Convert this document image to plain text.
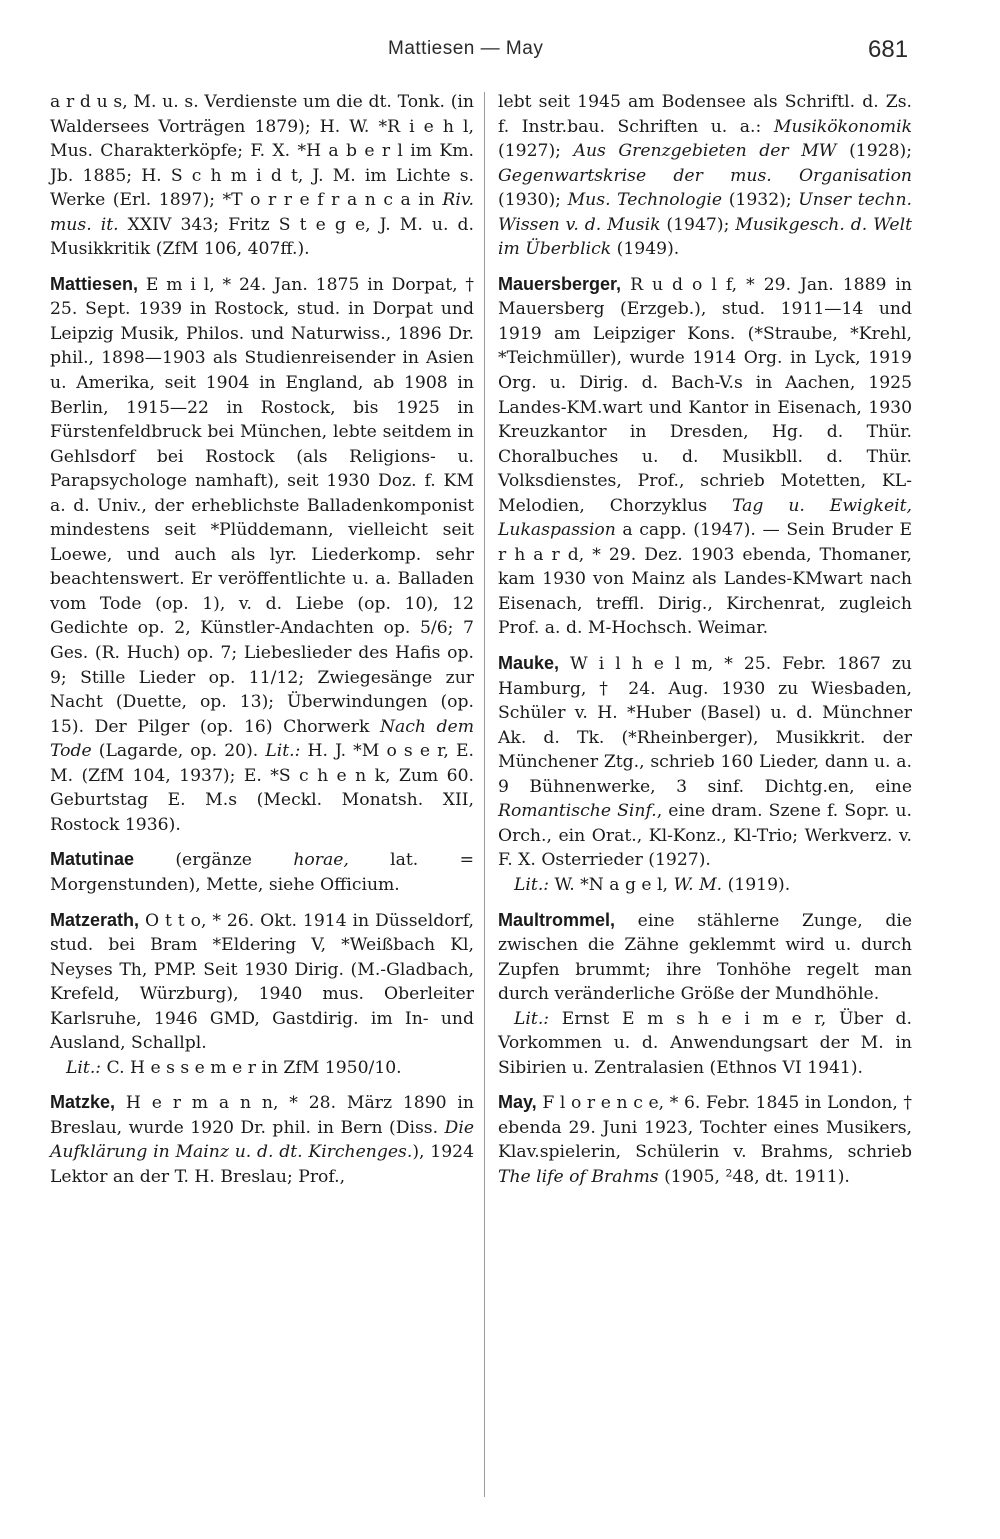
Mattiesen — May	681

a r d u s, M. u. s. Verdienste um die dt. Tonk. (in Waldersees Vorträgen 1879); H. W. *R i e h l, Mus. Charakterköpfe; F. X. *H a b e r l im Km. Jb. 1885; H. S c h m i d t, J. M. im Lichte s. Werke (Erl. 1897); *T o r r e f r a n c a in Riv. mus. it. XXIV 343; Fritz S t e g e, J. M. u. d. Musikkritik (ZfM 106, 407ff.).

Mattiesen, E m i l, * 24. Jan. 1875 in Dorpat, † 25. Sept. 1939 in Rostock, stud. in Dorpat und Leipzig Musik, Philos. und Naturwiss., 1896 Dr. phil., 1898—1903 als Studienreisender in Asien u. Amerika, seit 1904 in England, ab 1908 in Berlin, 1915—22 in Rostock, bis 1925 in Fürstenfeldbruck bei München, lebte seitdem in Gehlsdorf bei Rostock (als Religions- u. Parapsychologe namhaft), seit 1930 Doz. f. KM a. d. Univ., der erheblichste Balladenkomponist mindestens seit *Plüddemann, vielleicht seit Loewe, und auch als lyr. Liederkomp. sehr beachtenswert. Er veröffentlichte u. a. Balladen vom Tode (op. 1), v. d. Liebe (op. 10), 12 Gedichte op. 2, Künstler-Andachten op. 5/6; 7 Ges. (R. Huch) op. 7; Liebeslieder des Hafis op. 9; Stille Lieder op. 11/12; Zwiegesänge zur Nacht (Duette, op. 13); Überwindungen (op. 15). Der Pilger (op. 16) Chorwerk Nach dem Tode (Lagarde, op. 20). Lit.: H. J. *M o s e r, E. M. (ZfM 104, 1937); E. *S c h e n k, Zum 60. Geburtstag E. M.s (Meckl. Monatsh. XII, Rostock 1936).

Matutinae (ergänze horae, lat. = Morgenstunden), Mette, siehe Officium.

Matzerath, O t t o, * 26. Okt. 1914 in Düsseldorf, stud. bei Bram *Eldering V, *Weißbach Kl, Neyses Th, PMP. Seit 1930 Dirig. (M.-Gladbach, Krefeld, Würzburg), 1940 mus. Oberleiter Karlsruhe, 1946 GMD, Gastdirig. im In- und Ausland, Schallpl.
Lit.: C. H e s s e m e r in ZfM 1950/10.

Matzke, H e r m a n n, * 28. März 1890 in Breslau, wurde 1920 Dr. phil. in Bern (Diss. Die Aufklärung in Mainz u. d. dt. Kirchenges.), 1924 Lektor an der T. H. Breslau; Prof.,

lebt seit 1945 am Bodensee als Schriftl. d. Zs. f. Instr.bau. Schriften u. a.: Musikökonomik (1927); Aus Grenzgebieten der MW (1928); Gegenwartskrise der mus. Organisation (1930); Mus. Technologie (1932); Unser techn. Wissen v. d. Musik (1947); Musikgesch. d. Welt im Überblick (1949).

Mauersberger, R u d o l f, * 29. Jan. 1889 in Mauersberg (Erzgeb.), stud. 1911—14 und 1919 am Leipziger Kons. (*Straube, *Krehl, *Teichmüller), wurde 1914 Org. in Lyck, 1919 Org. u. Dirig. d. Bach-V.s in Aachen, 1925 Landes-KM.wart und Kantor in Eisenach, 1930 Kreuzkantor in Dresden, Hg. d. Thür. Choralbuches u. d. Musikbll. d. Thür. Volksdienstes, Prof., schrieb Motetten, KL-Melodien, Chorzyklus Tag u. Ewigkeit, Lukaspassion a capp. (1947). — Sein Bruder E r h a r d, * 29. Dez. 1903 ebenda, Thomaner, kam 1930 von Mainz als Landes-KMwart nach Eisenach, treffl. Dirig., Kirchenrat, zugleich Prof. a. d. M-Hochsch. Weimar.

Mauke, W i l h e l m, * 25. Febr. 1867 zu Hamburg, † 24. Aug. 1930 zu Wiesbaden, Schüler v. H. *Huber (Basel) u. d. Münchner Ak. d. Tk. (*Rheinberger), Musikkrit. der Münchener Ztg., schrieb 160 Lieder, dann u. a. 9 Bühnenwerke, 3 sinf. Dichtg.en, eine Romantische Sinf., eine dram. Szene f. Sopr. u. Orch., ein Orat., Kl-Konz., Kl-Trio; Werkverz. v. F. X. Osterrieder (1927).
Lit.: W. *N a g e l, W. M. (1919).

Maultrommel, eine stählerne Zunge, die zwischen die Zähne geklemmt wird u. durch Zupfen brummt; ihre Tonhöhe regelt man durch veränderliche Größe der Mundhöhle.
Lit.: Ernst E m s h e i m e r, Über d. Vorkommen u. d. Anwendungsart der M. in Sibirien u. Zentralasien (Ethnos VI 1941).

May, F l o r e n c e, * 6. Febr. 1845 in London, † ebenda 29. Juni 1923, Tochter eines Musikers, Klav.spielerin, Schülerin v. Brahms, schrieb The life of Brahms (1905, ²48, dt. 1911).
